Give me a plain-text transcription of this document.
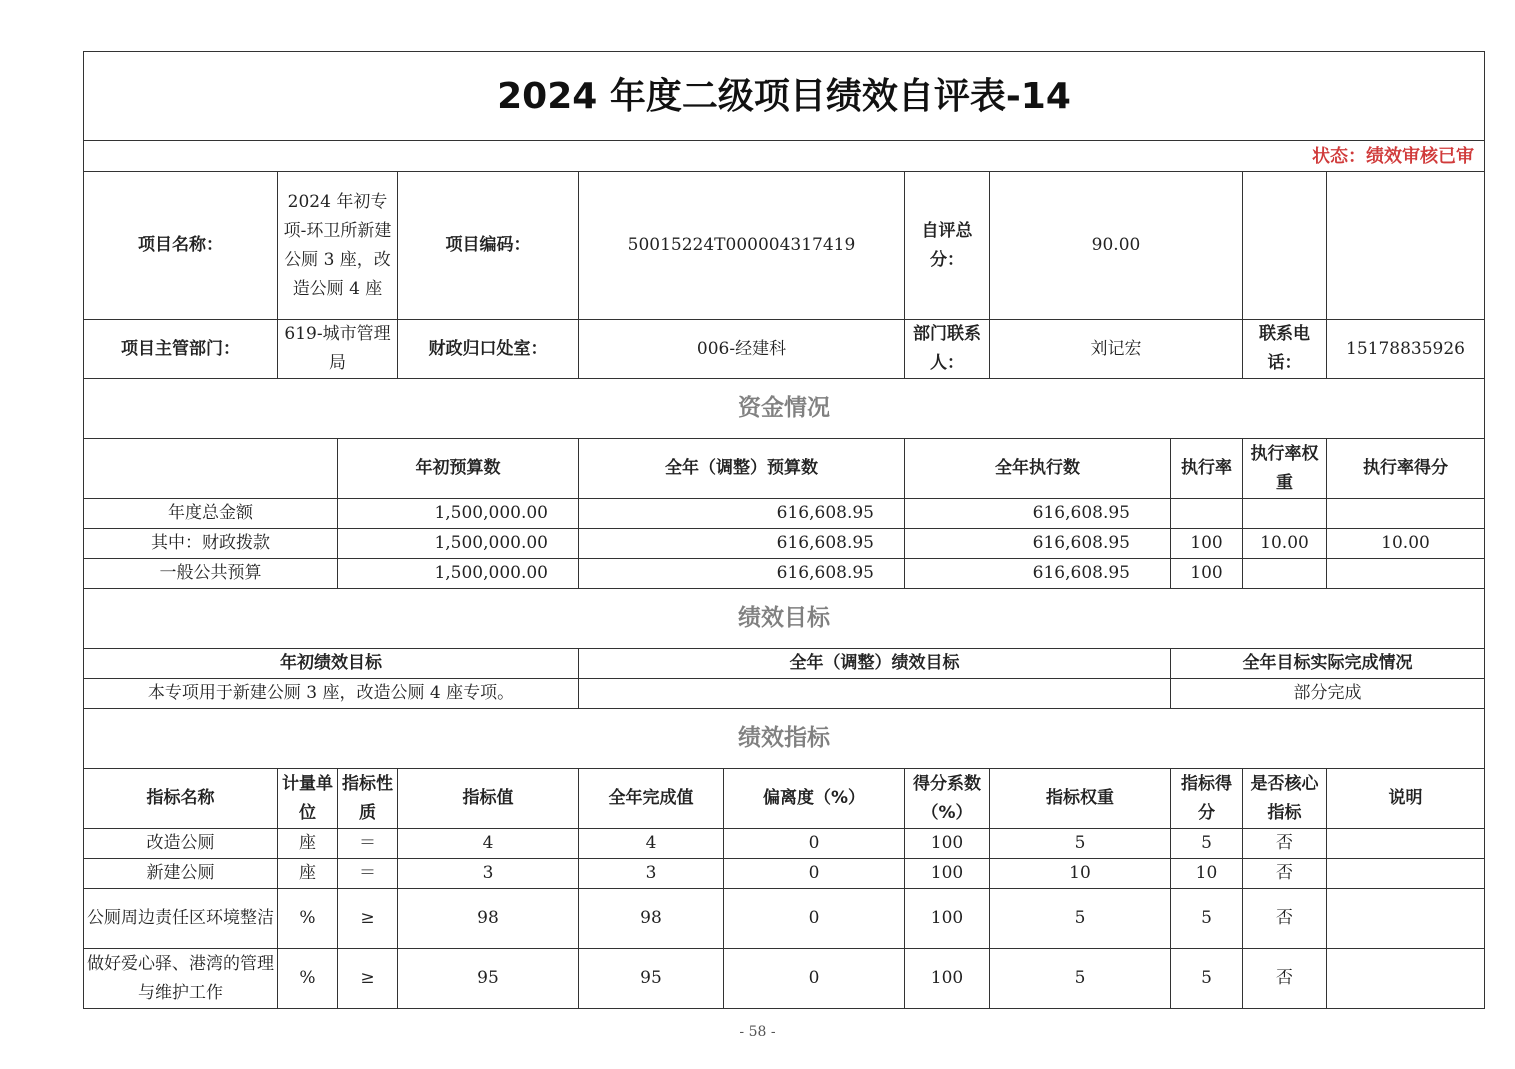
2024 年度二级项目绩效自评表-14										
状态：绩效审核已审										
项目名称：	2024 年初专项-环卫所新建公厕 3 座，改造公厕 4 座		项目编码：	50015224T000004317419		自评总分：	90.00			
项目主管部门：	619-城市管理局		财政归口处室：	006-经建科		部门联系人：	刘记宏		联系电话：	15178835926
资金情况										
		年初预算数		全年（调整）预算数		全年执行数		执行率	执行率权重	执行率得分
年度总金额		1,500,000.00		616,608.95		616,608.95				
其中：财政拨款		1,500,000.00		616,608.95		616,608.95		100	10.00	10.00
一般公共预算		1,500,000.00		616,608.95		616,608.95		100		
绩效目标										
年初绩效目标				全年（调整）绩效目标				全年目标实际完成情况		
本专项用于新建公厕 3 座，改造公厕 4 座专项。								部分完成		
绩效指标										
指标名称	计量单位	指标性质	指标值	全年完成值	偏离度（%）	得分系数（%）	指标权重	指标得分	是否核心指标	说明
改造公厕	座	＝	4	4	0	100	5	5	否	
新建公厕	座	＝	3	3	0	100	10	10	否	
公厕周边责任区环境整洁	%	≥	98	98	0	100	5	5	否	
做好爱心驿、港湾的管理与维护工作	%	≥	95	95	0	100	5	5	否	
- 58 -
